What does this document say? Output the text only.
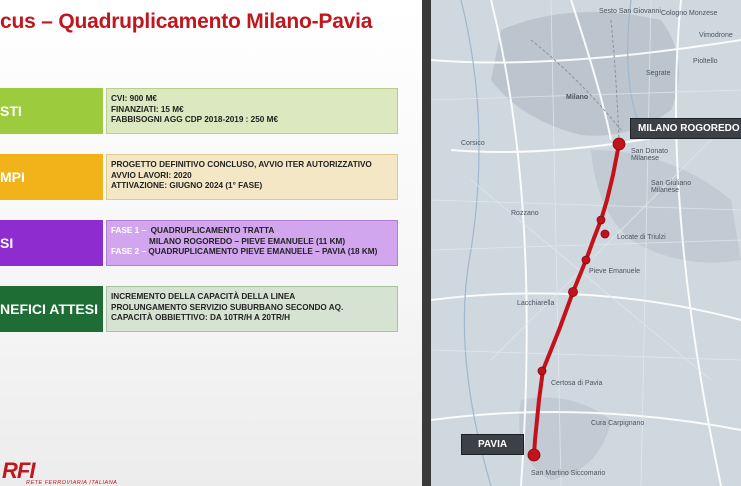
cus – Quadruplicamento Milano-Pavia
STI
CVI: 900 M€
FINANZIATI: 15 M€
FABBISOGNI AGG CDP 2018-2019 : 250 M€
MPI
PROGETTO DEFINITIVO CONCLUSO, AVVIO ITER AUTORIZZATIVO
AVVIO LAVORI: 2020
ATTIVAZIONE: GIUGNO 2024 (1° FASE)
SI
FASE 1 – QUADRUPLICAMENTO TRATTA
MILANO ROGOREDO – PIEVE EMANUELE (11 KM)
FASE 2 – QUADRUPLICAMENTO PIEVE EMANUELE – PAVIA (18 KM)
NEFICI ATTESI
INCREMENTO DELLA CAPACITÀ DELLA LINEA
PROLUNGAMENTO SERVIZIO SUBURBANO SECONDO AQ.
CAPACITÀ OBBIETTIVO: DA 10TR/H A 20TR/H
RFI
RETE FERROVIARIA ITALIANA
Sesto San Giovanni Cologno Monzese
Vimodrone
Pioltello
Segrate
Milano
Corsico
San Donato Milanese
San Giuliano Milanese
Rozzano
Locate di Triulzi
Pieve Emanuele
Lacchiarella
Certosa di Pavia
Cura Carpignano
San Martino Siccomario
MILANO ROGOREDO
PAVIA
